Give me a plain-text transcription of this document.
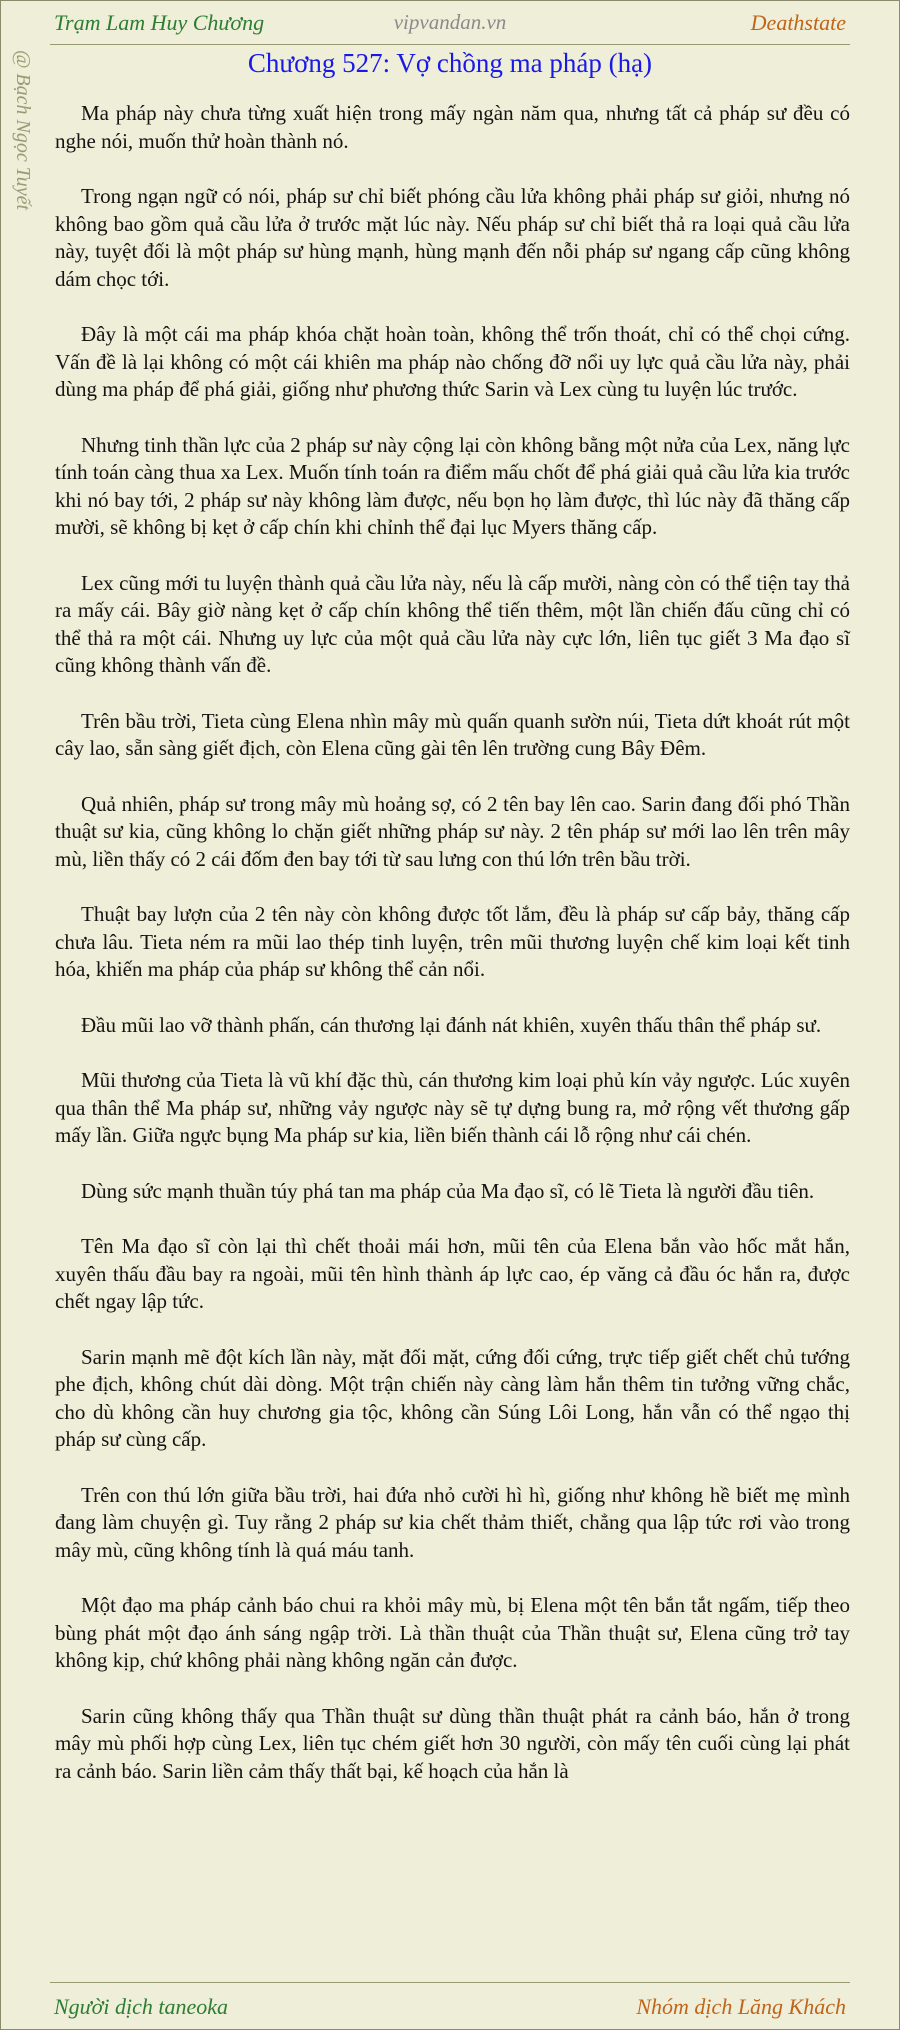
Trạm Lam Huy Chương	vipvandan.vn	Deathstate
@ Bạch Ngọc Tuyết	Chương 527: Vợ chồng ma pháp (hạ)

Ma pháp này chưa từng xuất hiện trong mấy ngàn năm qua, nhưng tất cả pháp sư đều có nghe nói, muốn thử hoàn thành nó.

Trong ngạn ngữ có nói, pháp sư chỉ biết phóng cầu lửa không phải pháp sư giỏi, nhưng nó không bao gồm quả cầu lửa ở trước mặt lúc này. Nếu pháp sư chỉ biết thả ra loại quả cầu lửa này, tuyệt đối là một pháp sư hùng mạnh, hùng mạnh đến nỗi pháp sư ngang cấp cũng không dám chọc tới.

Đây là một cái ma pháp khóa chặt hoàn toàn, không thể trốn thoát, chỉ có thể chọi cứng. Vấn đề là lại không có một cái khiên ma pháp nào chống đỡ nổi uy lực quả cầu lửa này, phải dùng ma pháp để phá giải, giống như phương thức Sarin và Lex cùng tu luyện lúc trước.

Nhưng tinh thần lực của 2 pháp sư này cộng lại còn không bằng một nửa của Lex, năng lực tính toán càng thua xa Lex. Muốn tính toán ra điểm mấu chốt để phá giải quả cầu lửa kia trước khi nó bay tới, 2 pháp sư này không làm được, nếu bọn họ làm được, thì lúc này đã thăng cấp mười, sẽ không bị kẹt ở cấp chín khi chỉnh thể đại lục Myers thăng cấp.

Lex cũng mới tu luyện thành quả cầu lửa này, nếu là cấp mười, nàng còn có thể tiện tay thả ra mấy cái. Bây giờ nàng kẹt ở cấp chín không thể tiến thêm, một lần chiến đấu cũng chỉ có thể thả ra một cái. Nhưng uy lực của một quả cầu lửa này cực lớn, liên tục giết 3 Ma đạo sĩ cũng không thành vấn đề.

Trên bầu trời, Tieta cùng Elena nhìn mây mù quấn quanh sườn núi, Tieta dứt khoát rút một cây lao, sẵn sàng giết địch, còn Elena cũng gài tên lên trường cung Bây Đêm.

Quả nhiên, pháp sư trong mây mù hoảng sợ, có 2 tên bay lên cao. Sarin đang đối phó Thần thuật sư kia, cũng không lo chặn giết những pháp sư này. 2 tên pháp sư mới lao lên trên mây mù, liền thấy có 2 cái đốm đen bay tới từ sau lưng con thú lớn trên bầu trời.

Thuật bay lượn của 2 tên này còn không được tốt lắm, đều là pháp sư cấp bảy, thăng cấp chưa lâu. Tieta ném ra mũi lao thép tinh luyện, trên mũi thương luyện chế kim loại kết tinh hóa, khiến ma pháp của pháp sư không thể cản nổi.

Đầu mũi lao vỡ thành phấn, cán thương lại đánh nát khiên, xuyên thấu thân thể pháp sư.

Mũi thương của Tieta là vũ khí đặc thù, cán thương kim loại phủ kín vảy ngược. Lúc xuyên qua thân thể Ma pháp sư, những vảy ngược này sẽ tự dựng bung ra, mở rộng vết thương gấp mấy lần. Giữa ngực bụng Ma pháp sư kia, liền biến thành cái lỗ rộng như cái chén.

Dùng sức mạnh thuần túy phá tan ma pháp của Ma đạo sĩ, có lẽ Tieta là người đầu tiên.

Tên Ma đạo sĩ còn lại thì chết thoải mái hơn, mũi tên của Elena bắn vào hốc mắt hắn, xuyên thấu đầu bay ra ngoài, mũi tên hình thành áp lực cao, ép văng cả đầu óc hắn ra, được chết ngay lập tức.

Sarin mạnh mẽ đột kích lần này, mặt đối mặt, cứng đối cứng, trực tiếp giết chết chủ tướng phe địch, không chút dài dòng. Một trận chiến này càng làm hắn thêm tin tưởng vững chắc, cho dù không cần huy chương gia tộc, không cần Súng Lôi Long, hắn vẫn có thể ngạo thị pháp sư cùng cấp.

Trên con thú lớn giữa bầu trời, hai đứa nhỏ cười hì hì, giống như không hề biết mẹ mình đang làm chuyện gì. Tuy rằng 2 pháp sư kia chết thảm thiết, chẳng qua lập tức rơi vào trong mây mù, cũng không tính là quá máu tanh.

Một đạo ma pháp cảnh báo chui ra khỏi mây mù, bị Elena một tên bắn tắt ngấm, tiếp theo bùng phát một đạo ánh sáng ngập trời. Là thần thuật của Thần thuật sư, Elena cũng trở tay không kịp, chứ không phải nàng không ngăn cản được.

Sarin cũng không thấy qua Thần thuật sư dùng thần thuật phát ra cảnh báo, hắn ở trong mây mù phối hợp cùng Lex, liên tục chém giết hơn 30 người, còn mấy tên cuối cùng lại phát ra cảnh báo. Sarin liền cảm thấy thất bại, kế hoạch của hắn là

Người dịch taneoka	Nhóm dịch Lăng Khách
